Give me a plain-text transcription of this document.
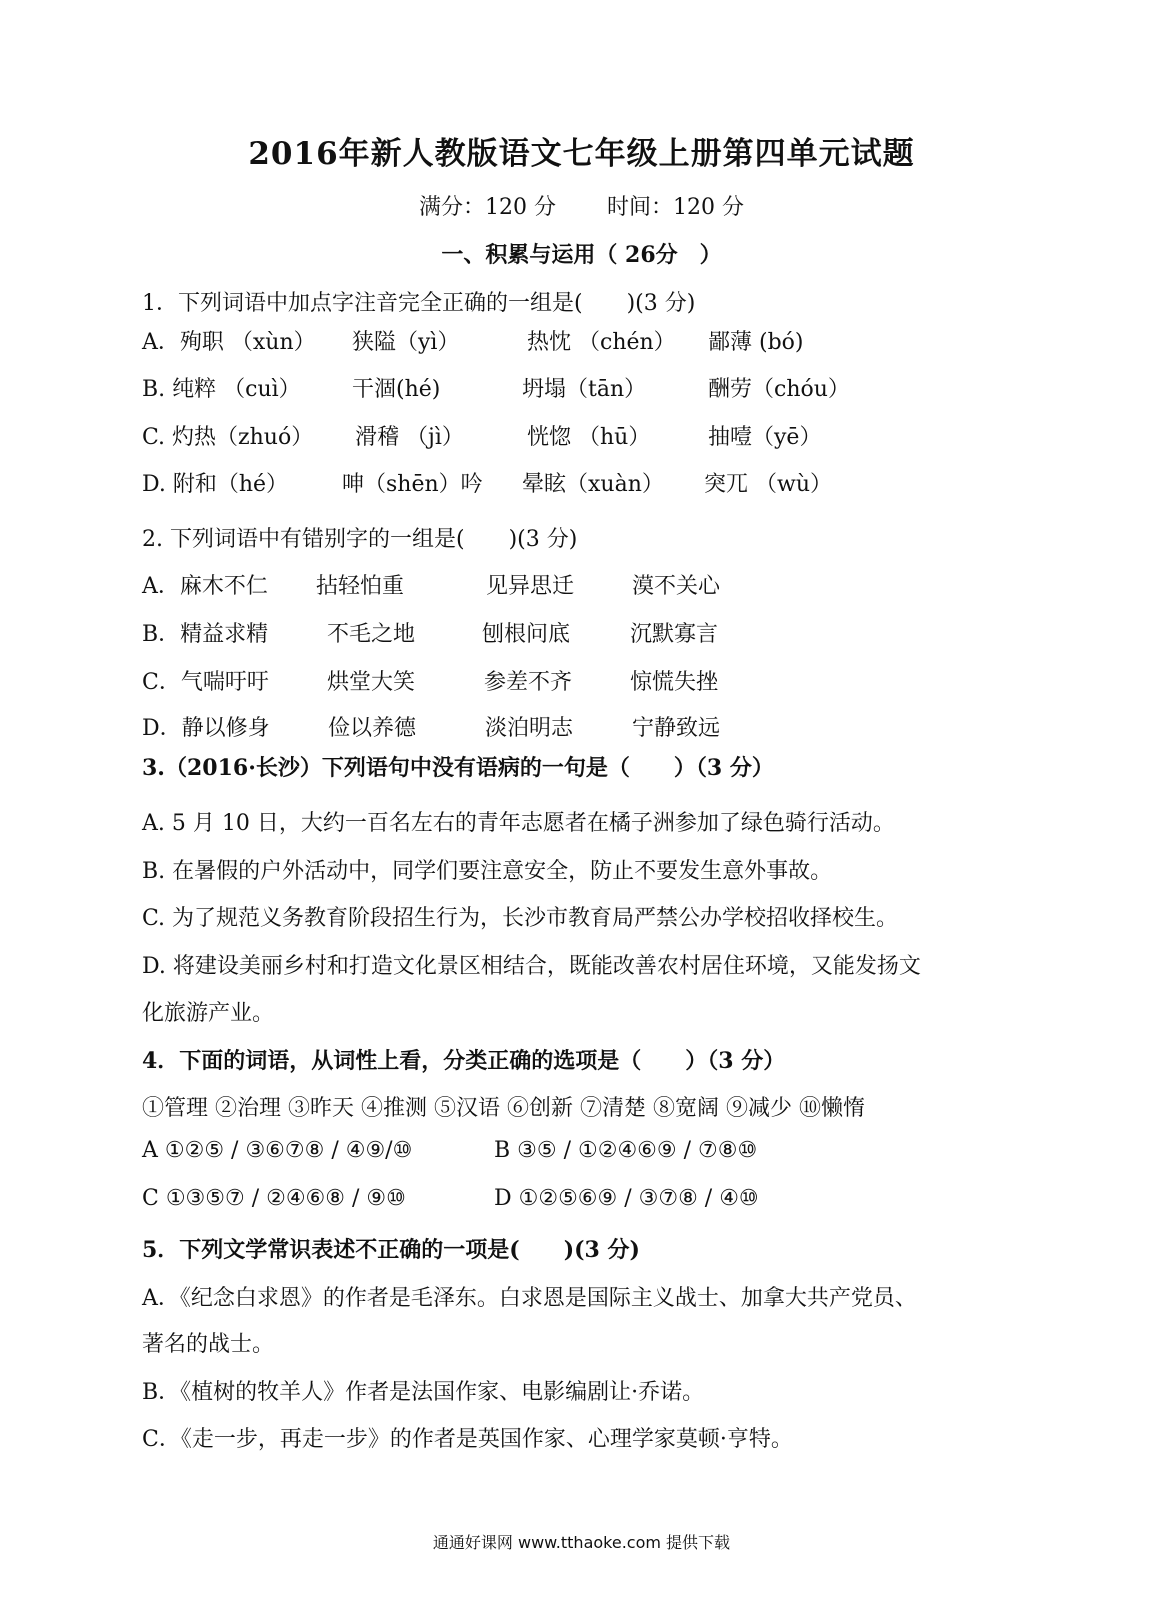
2016年新人教版语文七年级上册第四单元试题
满分：120 分 时间：120 分
一、积累与运用（ 26分　）
1．下列词语中加点字注音完全正确的一组是(　　)(3 分)
A．殉职 （xùn） 狭隘（yì）	热忱 （chén） 鄙薄 (bó)
B. 纯粹 （cuì） 干涸(hé)	坍塌（tān）	酬劳（chóu）
C. 灼热（zhuó） 滑稽 （jì）	恍惚 （hū）	抽噎（yē）
D. 附和（hé） 呻（shēn）吟 晕眩（xuàn） 突兀 （wù）
2. 下列词语中有错别字的一组是(　　)(3 分)
A．麻木不仁 拈轻怕重	见异思迁	漠不关心
B．精益求精	不毛之地	刨根问底	沉默寡言
C．气喘吁吁	烘堂大笑	参差不齐	惊慌失挫
D．静以修身	俭以养德	淡泊明志	宁静致远
3.（2016·长沙）下列语句中没有语病的一句是（　　）（3 分）
A. 5 月 10 日，大约一百名左右的青年志愿者在橘子洲参加了绿色骑行活动。
B. 在暑假的户外活动中，同学们要注意安全，防止不要发生意外事故。
C. 为了规范义务教育阶段招生行为，长沙市教育局严禁公办学校招收择校生。
D. 将建设美丽乡村和打造文化景区相结合，既能改善农村居住环境，又能发扬文
化旅游产业。
4．下面的词语，从词性上看，分类正确的选项是（　　）（3 分）
①管理 ②治理 ③昨天 ④推测 ⑤汉语 ⑥创新 ⑦清楚 ⑧宽阔 ⑨减少 ⑩懒惰
A ①②⑤ / ③⑥⑦⑧ / ④⑨/⑩	B ③⑤ / ①②④⑥⑨ / ⑦⑧⑩
C ①③⑤⑦ / ②④⑥⑧ / ⑨⑩	D ①②⑤⑥⑨ / ③⑦⑧ / ④⑩
5．下列文学常识表述不正确的一项是(　　)(3 分)
A．《纪念白求恩》的作者是毛泽东。白求恩是国际主义战士、加拿大共产党员、
著名的战士。
B．《植树的牧羊人》作者是法国作家、电影编剧让·乔诺。
C．《走一步，再走一步》的作者是英国作家、心理学家莫顿·亨特。
通通好课网 www.tthaoke.com 提供下载
